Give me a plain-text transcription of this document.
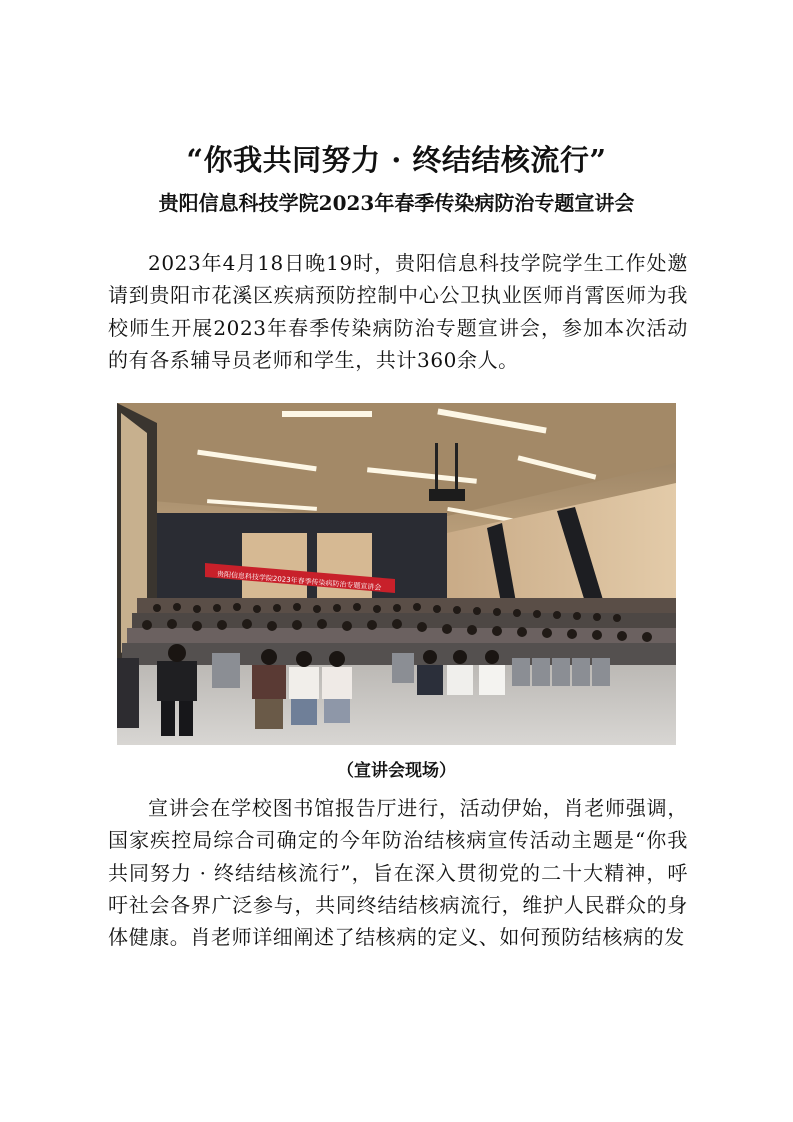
“你我共同努力 · 终结结核流行”
贵阳信息科技学院2023年春季传染病防治专题宣讲会

2023年4月18日晚19时，贵阳信息科技学院学生工作处邀请到贵阳市花溪区疾病预防控制中心公卫执业医师肖霄医师为我校师生开展2023年春季传染病防治专题宣讲会，参加本次活动的有各系辅导员老师和学生，共计360余人。

贵阳信息科技学院2023年春季传染病防治专题宣讲会
（宣讲会现场）

宣讲会在学校图书馆报告厅进行，活动伊始，肖老师强调，国家疾控局综合司确定的今年防治结核病宣传活动主题是“你我共同努力 · 终结结核流行”，旨在深入贯彻党的二十大精神，呼吁社会各界广泛参与，共同终结结核病流行，维护人民群众的身体健康。肖老师详细阐述了结核病的定义、如何预防结核病的发
